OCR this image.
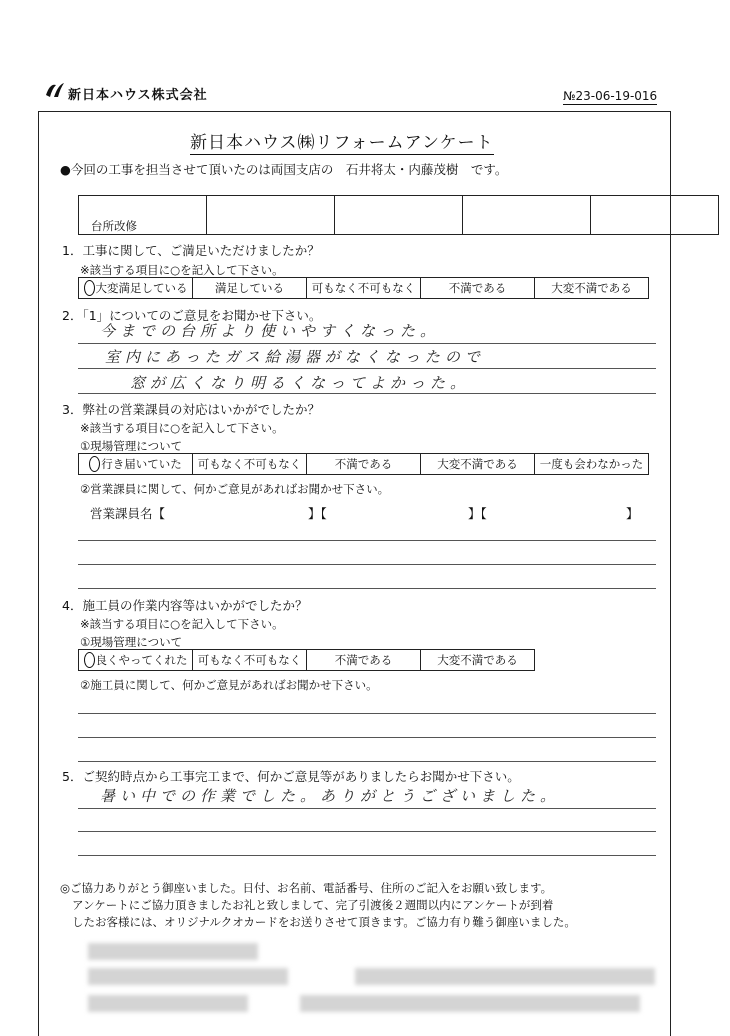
新日本ハウス株式会社	№23-06-19-016
新日本ハウス㈱リフォームアンケート
●今回の工事を担当させて頂いたのは両国支店の　石井将太・内藤茂樹　です。
台所改修				
1．工事に関して、ご満足いただけましたか？
※該当する項目に○を記入して下さい。
大変満足している	満足している	可もなく不可もなく	不満である	大変不満である
2．「1」についてのご意見をお聞かせ下さい。
今までの台所より使いやすくなった。
室内にあったガス給湯器がなくなったので
窓が広くなり明るくなってよかった。
3．弊社の営業課員の対応はいかがでしたか？
※該当する項目に○を記入して下さい。
①現場管理について
行き届いていた	可もなく不可もなく	不満である	大変不満である	一度も会わなかった
②営業課員に関して、何かご意見があればお聞かせ下さい。
営業課員名【	】【	】【	】
4．施工員の作業内容等はいかがでしたか？
※該当する項目に○を記入して下さい。
①現場管理について
良くやってくれた	可もなく不可もなく	不満である	大変不満である
②施工員に関して、何かご意見があればお聞かせ下さい。
5．ご契約時点から工事完工まで、何かご意見等がありましたらお聞かせ下さい。
暑い中での作業でした。ありがとうございました。
◎ご協力ありがとう御座いました。日付、お名前、電話番号、住所のご記入をお願い致します。
アンケートにご協力頂きましたお礼と致しまして、完了引渡後２週間以内にアンケートが到着
したお客様には、オリジナルクオカードをお送りさせて頂きます。ご協力有り難う御座いました。
